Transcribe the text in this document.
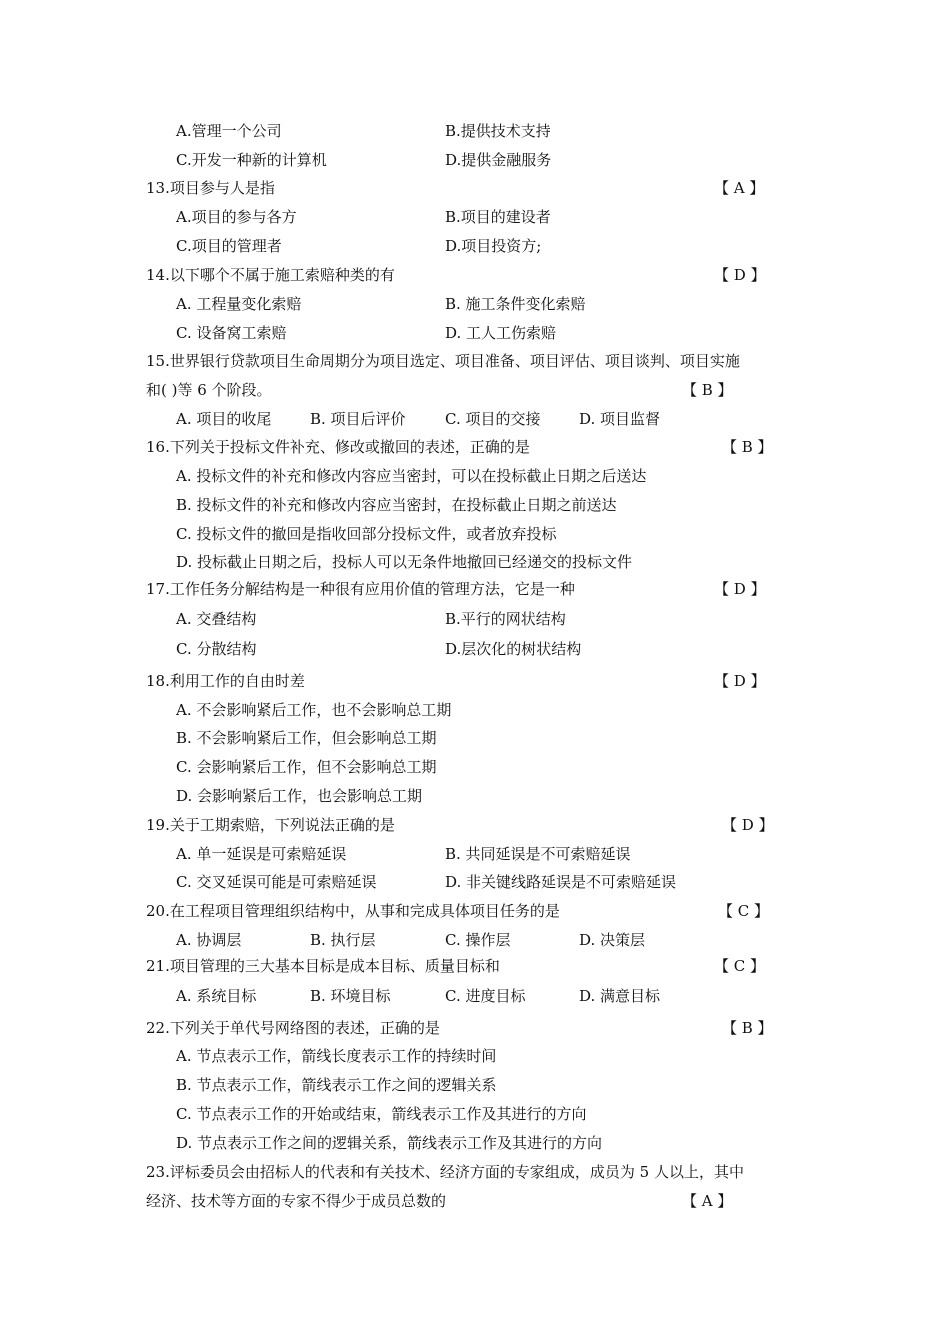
A.管理一个公司	B.提供技术支持
C.开发一种新的计算机	D.提供金融服务
13.项目参与人是指	【 A 】
A.项目的参与各方	B.项目的建设者
C.项目的管理者	D.项目投资方;
14.以下哪个不属于施工索赔种类的有	【 D 】
A. 工程量变化索赔	B. 施工条件变化索赔
C. 设备窝工索赔	D. 工人工伤索赔
15.世界银行贷款项目生命周期分为项目选定、项目准备、项目评估、项目谈判、项目实施
和( )等 6 个阶段。	【 B 】
A. 项目的收尾	B. 项目后评价	C. 项目的交接	D. 项目监督
16.下列关于投标文件补充、修改或撤回的表述，正确的是	【 B 】
A. 投标文件的补充和修改内容应当密封，可以在投标截止日期之后送达
B. 投标文件的补充和修改内容应当密封，在投标截止日期之前送达
C. 投标文件的撤回是指收回部分投标文件，或者放弃投标
D. 投标截止日期之后，投标人可以无条件地撤回已经递交的投标文件
17.工作任务分解结构是一种很有应用价值的管理方法，它是一种	【 D 】
A. 交叠结构	B.平行的网状结构
C. 分散结构	D.层次化的树状结构
18.利用工作的自由时差	【 D 】
A. 不会影响紧后工作，也不会影响总工期
B. 不会影响紧后工作，但会影响总工期
C. 会影响紧后工作，但不会影响总工期
D. 会影响紧后工作，也会影响总工期
19.关于工期索赔，下列说法正确的是	【 D 】
A. 单一延误是可索赔延误	B. 共同延误是不可索赔延误
C. 交叉延误可能是可索赔延误	D. 非关键线路延误是不可索赔延误
20.在工程项目管理组织结构中，从事和完成具体项目任务的是	【 C 】
A. 协调层	B. 执行层	C. 操作层	D. 决策层
21.项目管理的三大基本目标是成本目标、质量目标和	【 C 】
A. 系统目标	B. 环境目标	C. 进度目标	D. 满意目标
22.下列关于单代号网络图的表述，正确的是	【 B 】
A. 节点表示工作，箭线长度表示工作的持续时间
B. 节点表示工作，箭线表示工作之间的逻辑关系
C. 节点表示工作的开始或结束，箭线表示工作及其进行的方向
D. 节点表示工作之间的逻辑关系，箭线表示工作及其进行的方向
23.评标委员会由招标人的代表和有关技术、经济方面的专家组成，成员为 5 人以上，其中
经济、技术等方面的专家不得少于成员总数的	【 A 】
